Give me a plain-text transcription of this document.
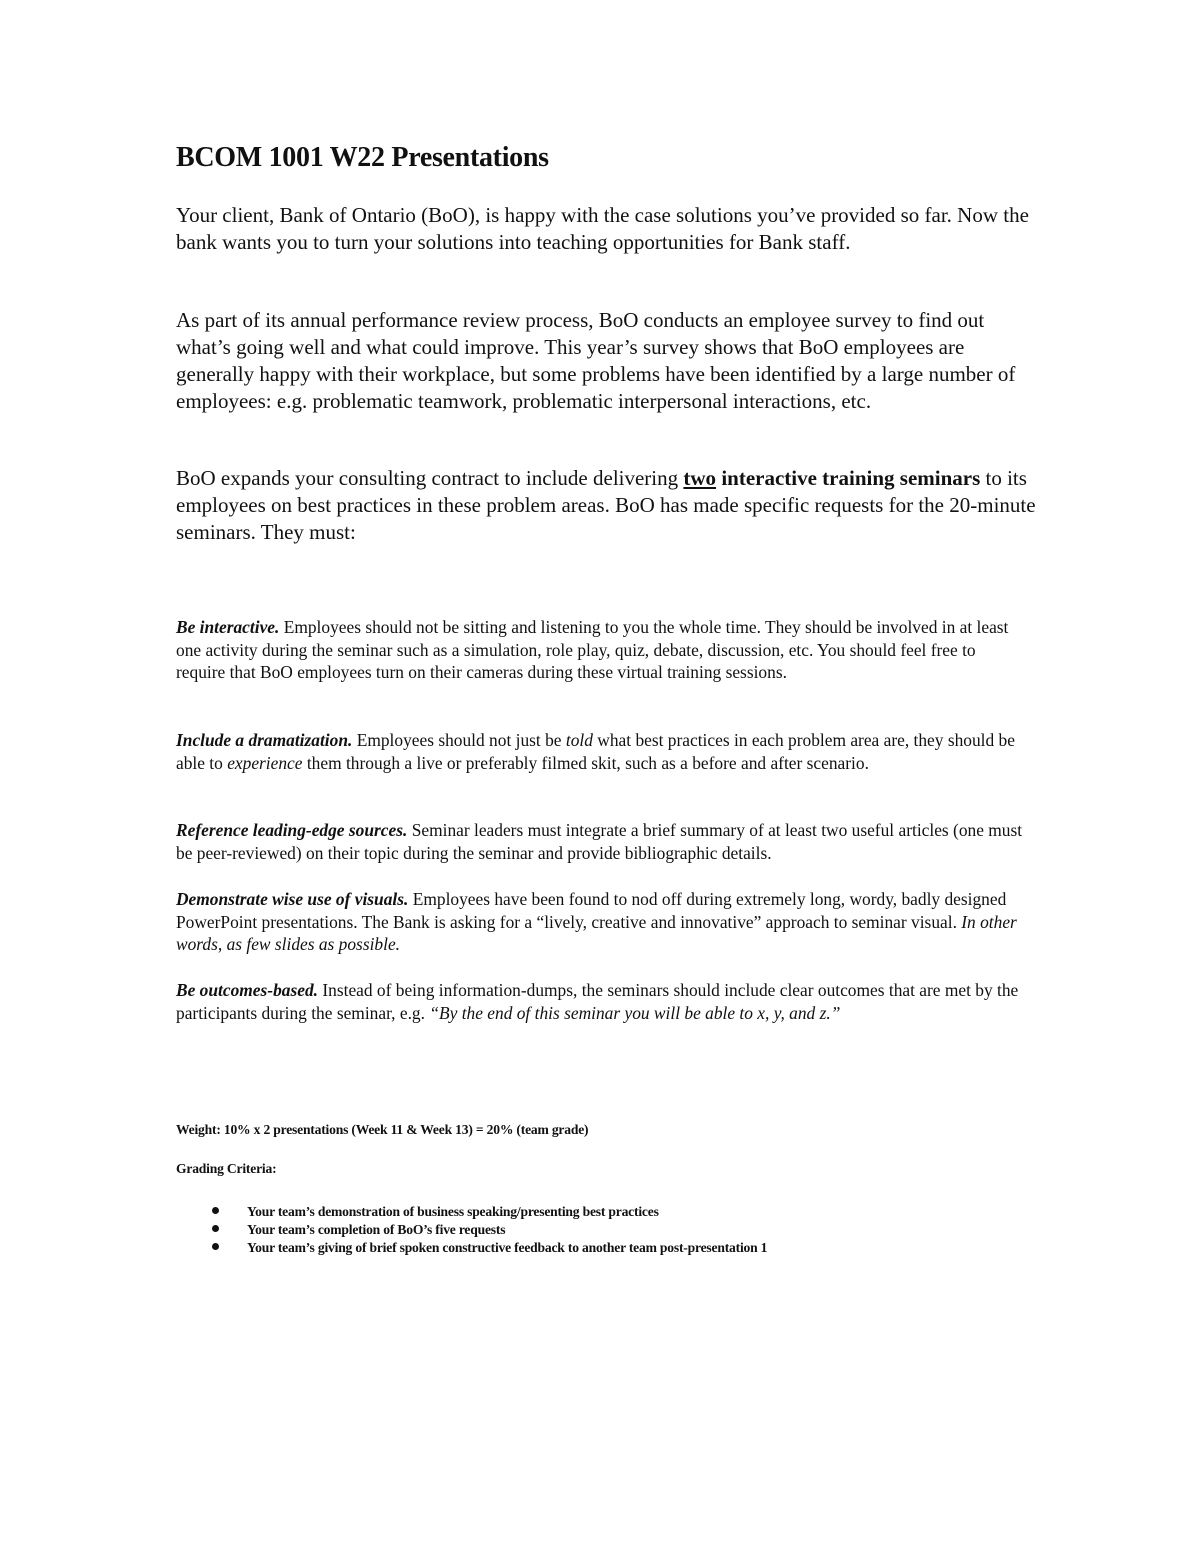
BCOM 1001 W22 Presentations

Your client, Bank of Ontario (BoO), is happy with the case solutions you’ve provided so far. Now the bank wants you to turn your solutions into teaching opportunities for Bank staff.

As part of its annual performance review process, BoO conducts an employee survey to find out what’s going well and what could improve. This year’s survey shows that BoO employees are generally happy with their workplace, but some problems have been identified by a large number of employees: e.g. problematic teamwork, problematic interpersonal interactions, etc.

BoO expands your consulting contract to include delivering two interactive training seminars to its employees on best practices in these problem areas. BoO has made specific requests for the 20-minute seminars. They must:

Be interactive. Employees should not be sitting and listening to you the whole time. They should be involved in at least one activity during the seminar such as a simulation, role play, quiz, debate, discussion, etc. You should feel free to require that BoO employees turn on their cameras during these virtual training sessions.

Include a dramatization. Employees should not just be told what best practices in each problem area are, they should be able to experience them through a live or preferably filmed skit, such as a before and after scenario.

Reference leading-edge sources. Seminar leaders must integrate a brief summary of at least two useful articles (one must be peer-reviewed) on their topic during the seminar and provide bibliographic details.

Demonstrate wise use of visuals. Employees have been found to nod off during extremely long, wordy, badly designed PowerPoint presentations. The Bank is asking for a “lively, creative and innovative” approach to seminar visual. In other words, as few slides as possible.

Be outcomes-based. Instead of being information-dumps, the seminars should include clear outcomes that are met by the participants during the seminar, e.g. “By the end of this seminar you will be able to x, y, and z.”

Weight: 10% x 2 presentations (Week 11 & Week 13) = 20% (team grade)

Grading Criteria:

Your team’s demonstration of business speaking/presenting best practices
Your team’s completion of BoO’s five requests
Your team’s giving of brief spoken constructive feedback to another team post-presentation 1
